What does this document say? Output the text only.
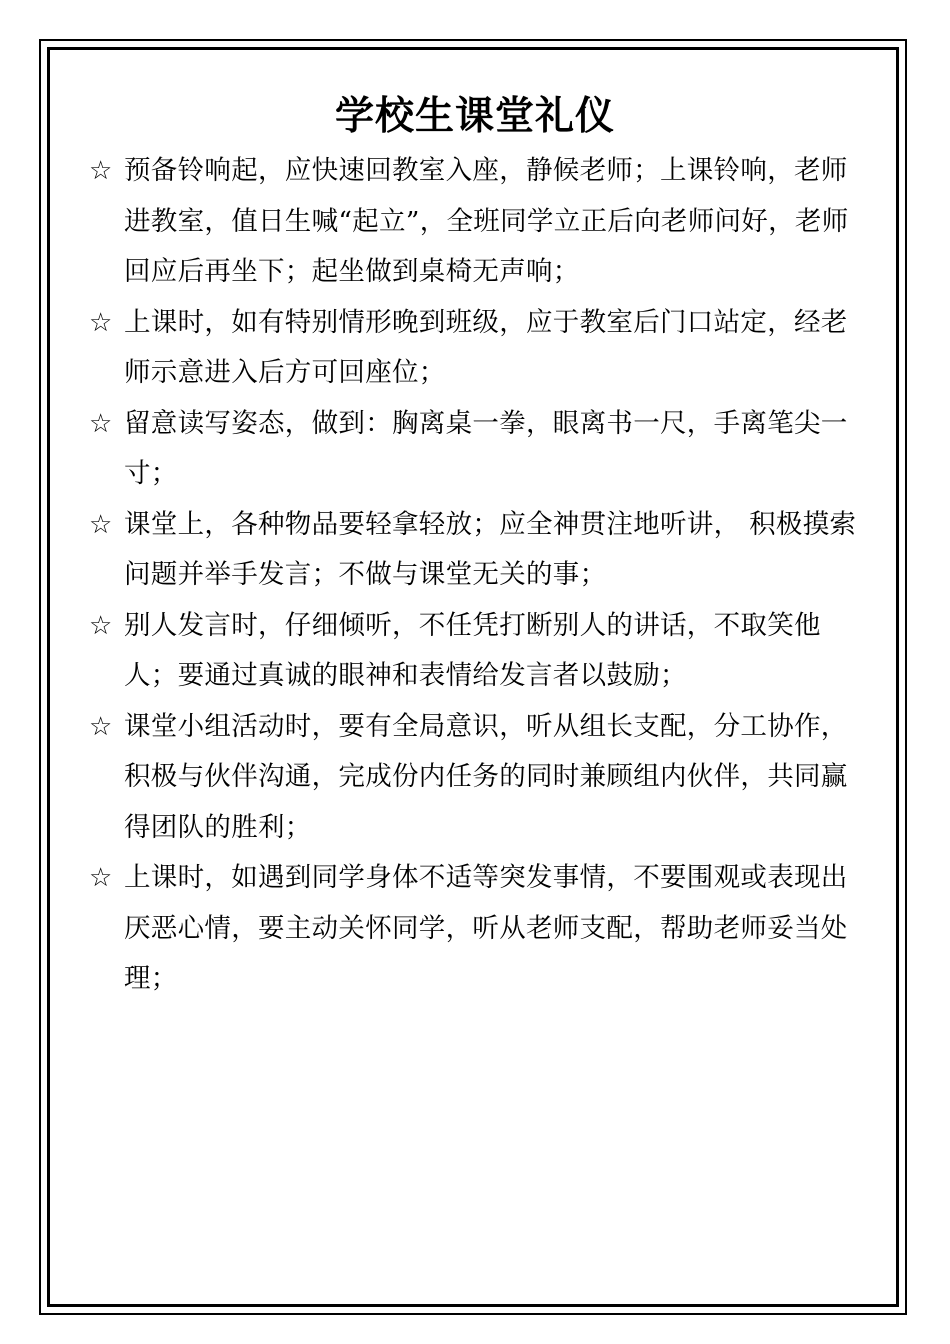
学校生课堂礼仪
☆ 预备铃响起，应快速回教室入座，静候老师；上课铃响，老师进教室，值日生喊“起立”，全班同学立正后向老师问好，老师回应后再坐下；起坐做到桌椅无声响；
☆ 上课时，如有特别情形晚到班级，应于教室后门口站定，经老师示意进入后方可回座位；
☆ 留意读写姿态，做到：胸离桌一拳，眼离书一尺，手离笔尖一寸；
☆ 课堂上，各种物品要轻拿轻放；应全神贯注地听讲， 积极摸索问题并举手发言；不做与课堂无关的事；
☆ 别人发言时，仔细倾听，不任凭打断别人的讲话，不取笑他人；要通过真诚的眼神和表情给发言者以鼓励；
☆ 课堂小组活动时，要有全局意识，听从组长支配，分工协作，积极与伙伴沟通，完成份内任务的同时兼顾组内伙伴，共同赢得团队的胜利；
☆ 上课时，如遇到同学身体不适等突发事情，不要围观或表现出厌恶心情，要主动关怀同学，听从老师支配，帮助老师妥当处理；
